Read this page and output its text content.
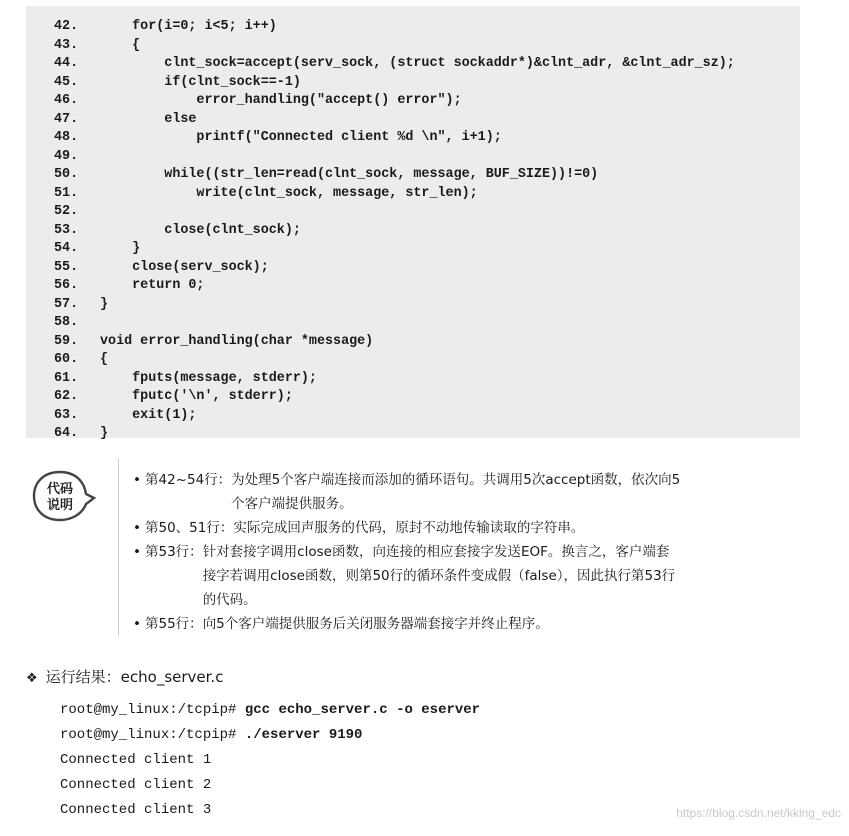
42.    for(i=0; i<5; i++)
43.    {
44.        clnt_sock=accept(serv_sock, (struct sockaddr*)&clnt_adr, &clnt_adr_sz);
45.        if(clnt_sock==-1)
46.            error_handling("accept() error");
47.        else
48.            printf("Connected client %d \n", i+1);
49.
50.        while((str_len=read(clnt_sock, message, BUF_SIZE))!=0)
51.            write(clnt_sock, message, str_len);
52.
53.        close(clnt_sock);
54.    }
55.    close(serv_sock);
56.    return 0;
57. }
58.
59. void error_handling(char *message)
60. {
61.    fputs(message, stderr);
62.    fputc('\n', stderr);
63.    exit(1);
64. }
代码
说明
• 第42~54行： 为处理5个客户端连接而添加的循环语句。共调用5次accept函数，依次向5
个客户端提供服务。
• 第50、51行： 实际完成回声服务的代码，原封不动地传输读取的字符串。
• 第53行： 针对套接字调用close函数，向连接的相应套接字发送EOF。换言之，客户端套
接字若调用close函数，则第50行的循环条件变成假（false），因此执行第53行
的代码。
• 第55行： 向5个客户端提供服务后关闭服务器端套接字并终止程序。
❖ 运行结果：echo_server.c
root@my_linux:/tcpip# gcc echo_server.c -o eserver
root@my_linux:/tcpip# ./eserver 9190
Connected client 1
Connected client 2
Connected client 3	https://blog.csdn.net/kking_edc
